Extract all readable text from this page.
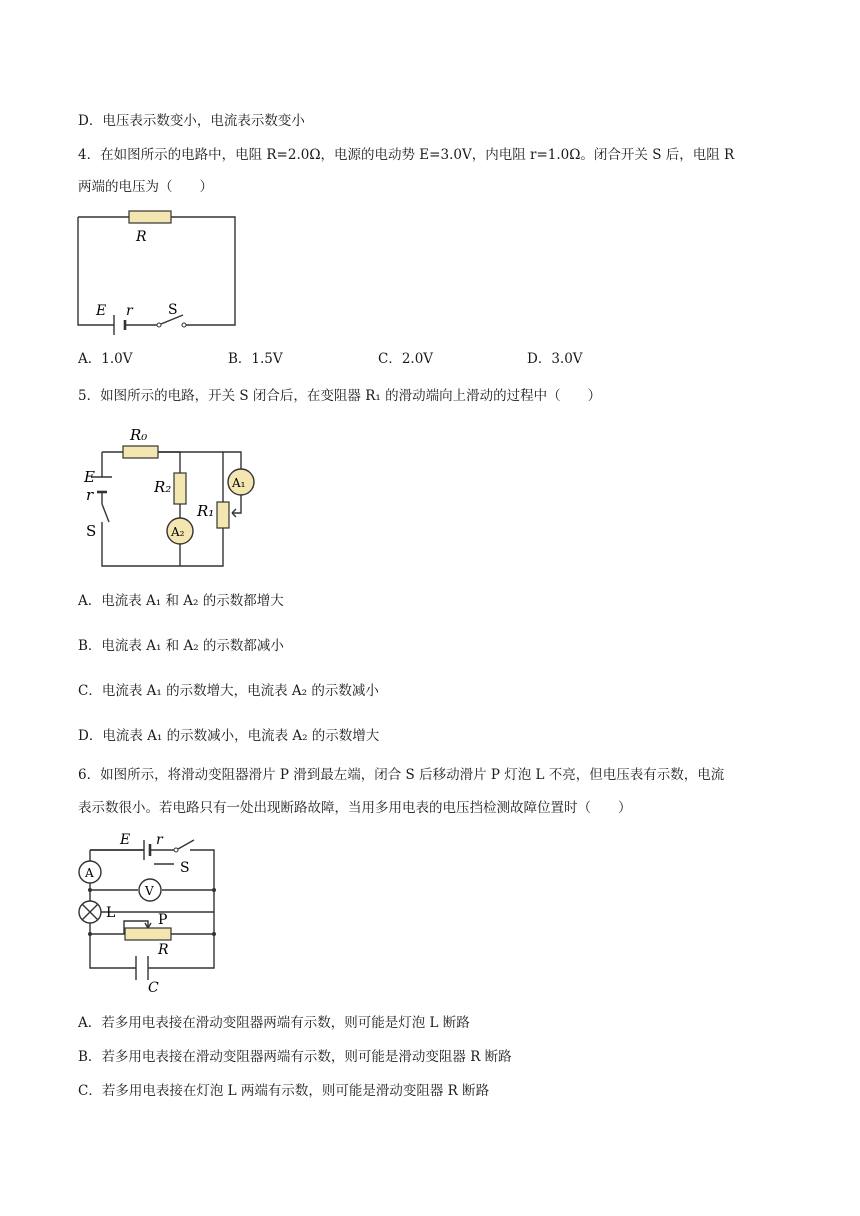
D．电压表示数变小，电流表示数变小
4．在如图所示的电路中，电阻 R=2.0Ω，电源的电动势 E=3.0V，内电阻 r=1.0Ω。闭合开关 S 后，电阻 R
两端的电压为（　　）
R
E r	S
A．1.0V	B．1.5V	C．2.0V	D．3.0V
5．如图所示的电路，开关 S 闭合后，在变阻器 R₁ 的滑动端向上滑动的过程中（　　）
R₀
R₂
R₁
A₁
A₂
E
r
S
A．电流表 A₁ 和 A₂ 的示数都增大
B．电流表 A₁ 和 A₂ 的示数都减小
C．电流表 A₁ 的示数增大，电流表 A₂ 的示数减小
D．电流表 A₁ 的示数减小，电流表 A₂ 的示数增大
6．如图所示，将滑动变阻器滑片 P 滑到最左端，闭合 S 后移动滑片 P 灯泡 L 不亮，但电压表有示数，电流
表示数很小。若电路只有一处出现断路故障，当用多用电表的电压挡检测故障位置时（　　）
E r
S
A
V
L	P
R
C
A．若多用电表接在滑动变阻器两端有示数，则可能是灯泡 L 断路
B．若多用电表接在滑动变阻器两端有示数，则可能是滑动变阻器 R 断路
C．若多用电表接在灯泡 L 两端有示数，则可能是滑动变阻器 R 断路
